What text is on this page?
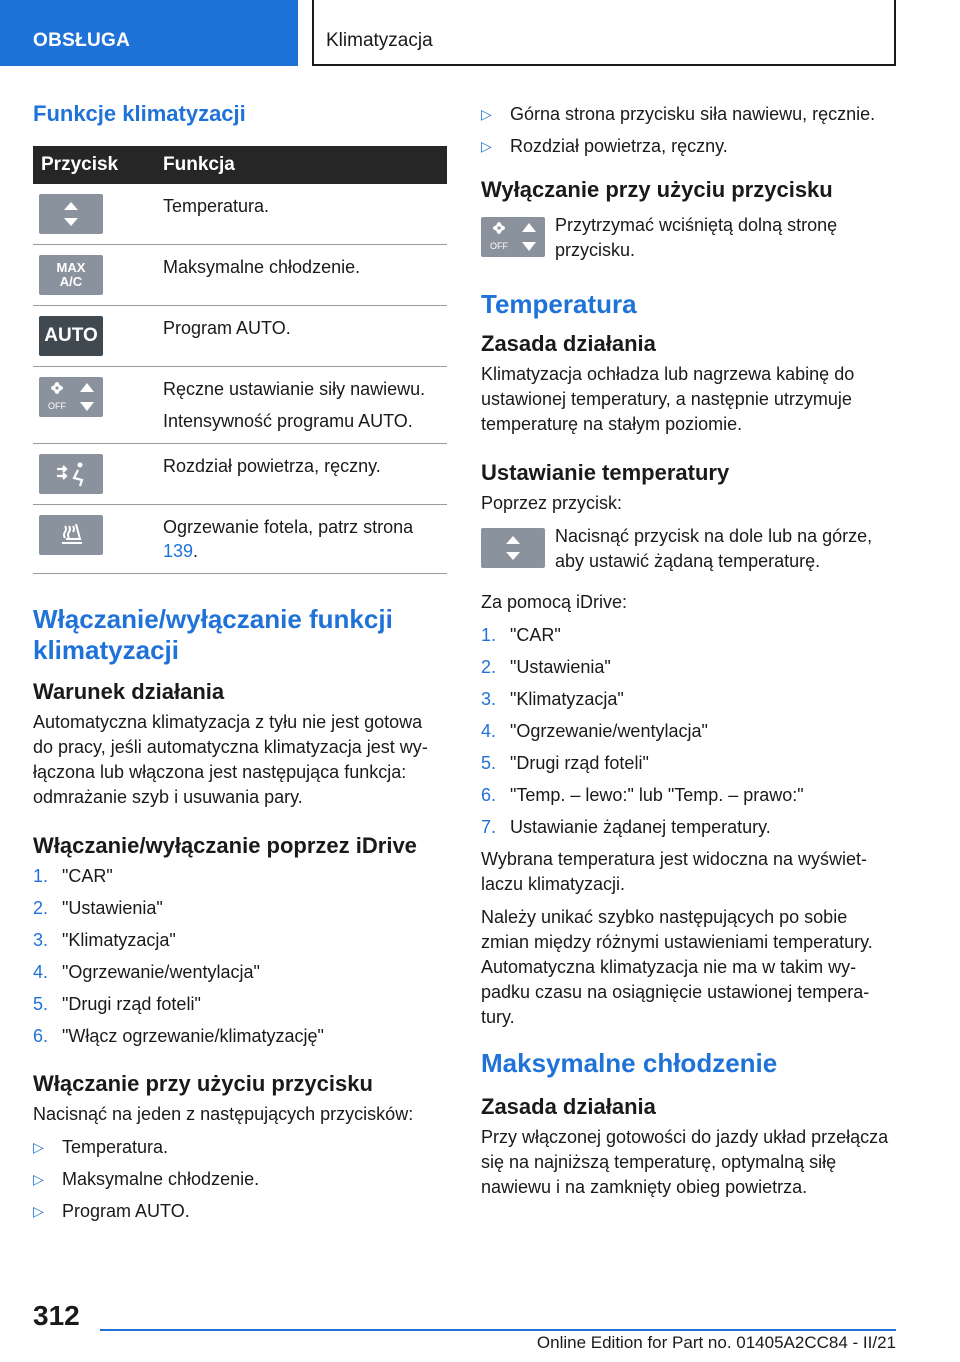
OBSŁUGA	Klimatyzacja
Funkcje klimatyzacji
Przycisk	Funkcja

Temperatura.

MAX
A/C	Maksymalne chłodzenie.

AUTO	Program AUTO.

OFF	Ręczne ustawianie siły nawiewu.
Intensywność programu AUTO.

Rozdział powietrza, ręczny.

Ogrzewanie fotela, patrz strona 139.
Włączanie/wyłączanie funkcji klimatyzacji
Warunek działania

Automatyczna klimatyzacja z tyłu nie jest gotowa do pracy, jeśli automatyczna klimatyzacja jest wyłączona lub włączona jest następująca funkcja: odmrażanie szyb i usuwania pary.

Włączanie/wyłączanie poprzez iDrive
1. "CAR"
2. "Ustawienia"
3. "Klimatyzacja"
4. "Ogrzewanie/wentylacja"
5. "Drugi rząd foteli"
6. "Włącz ogrzewanie/klimatyzację"
Włączanie przy użyciu przycisku

Nacisnąć na jeden z następujących przycisków:

▷	Temperatura.
▷	Maksymalne chłodzenie.
▷	Program AUTO.
▷	Górna strona przycisku siła nawiewu, ręcznie.
▷	Rozdział powietrza, ręczny.
Wyłączanie przy użyciu przycisku
OFF
Przytrzymać wciśniętą dolną stronę przycisku.
Temperatura
Zasada działania

Klimatyzacja ochładza lub nagrzewa kabinę do ustawionej temperatury, a następnie utrzymuje temperaturę na stałym poziomie.

Ustawianie temperatury

Poprzez przycisk:

Nacisnąć przycisk na dole lub na górze, aby ustawić żądaną temperaturę.

Za pomocą iDrive:

1. "CAR"
2. "Ustawienia"
3. "Klimatyzacja"
4. "Ogrzewanie/wentylacja"
5. "Drugi rząd foteli"
6. "Temp. – lewo:" lub "Temp. – prawo:"
7. Ustawianie żądanej temperatury.

Wybrana temperatura jest widoczna na wyświetlaczu klimatyzacji.

Należy unikać szybko następujących po sobie zmian między różnymi ustawieniami temperatury. Automatyczna klimatyzacja nie ma w takim wypadku czasu na osiągnięcie ustawionej temperatury.

Maksymalne chłodzenie
Zasada działania

Przy włączonej gotowości do jazdy układ przełącza się na najniższą temperaturę, optymalną siłę nawiewu i na zamknięty obieg powietrza.

312
Online Edition for Part no. 01405A2CC84 - II/21
